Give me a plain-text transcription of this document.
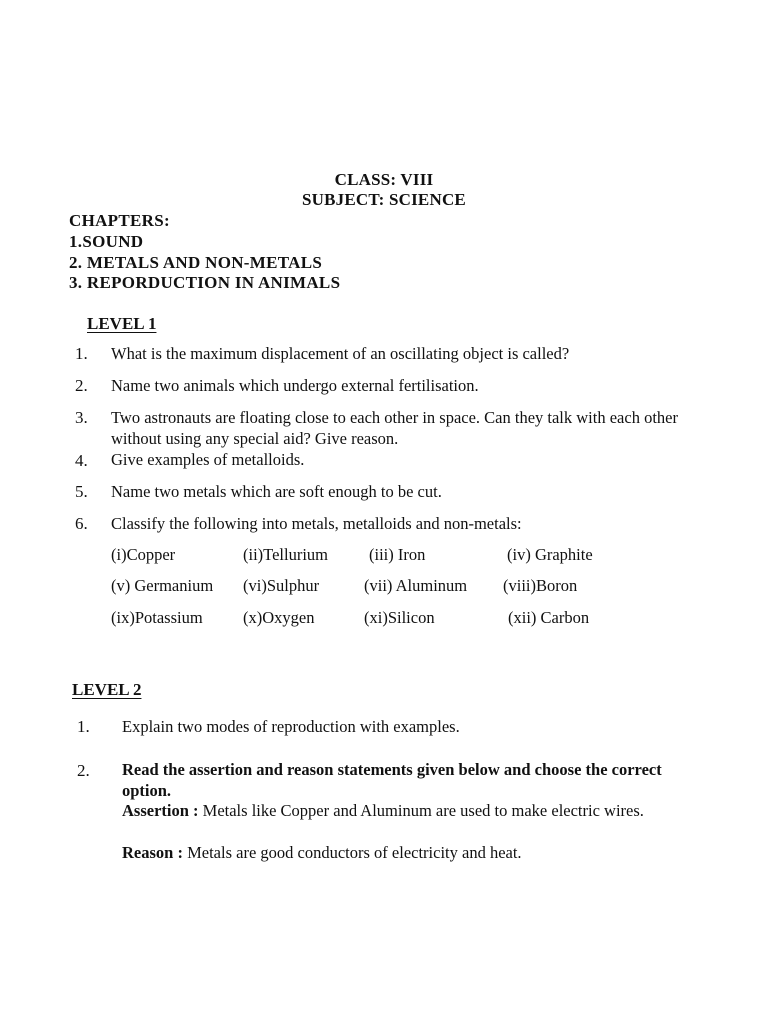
CLASS: VIII
SUBJECT: SCIENCE
CHAPTERS:
1.SOUND
2. METALS AND NON-METALS
3. REPORDUCTION IN ANIMALS
LEVEL 1
1. What is the maximum displacement of an oscillating object is called?
2. Name two animals which undergo external fertilisation.
3. Two astronauts are floating close to each other in space. Can they talk with each other without using any special aid? Give reason.
4. Give examples of metalloids.
5. Name two metals which are soft enough to be cut.
6. Classify the following into metals, metalloids and non-metals:
(i)Copper	(ii)Tellurium (iii) Iron	(iv) Graphite
(v) Germanium (vi)Sulphur	(vii) Aluminum (viii)Boron
(ix)Potassium (x)Oxygen	(xi)Silicon	(xii) Carbon
LEVEL 2
1. Explain two modes of reproduction with examples.
2. Read the assertion and reason statements given below and choose the correct option.
Assertion : Metals like Copper and Aluminum are used to make electric wires.
Reason : Metals are good conductors of electricity and heat.
